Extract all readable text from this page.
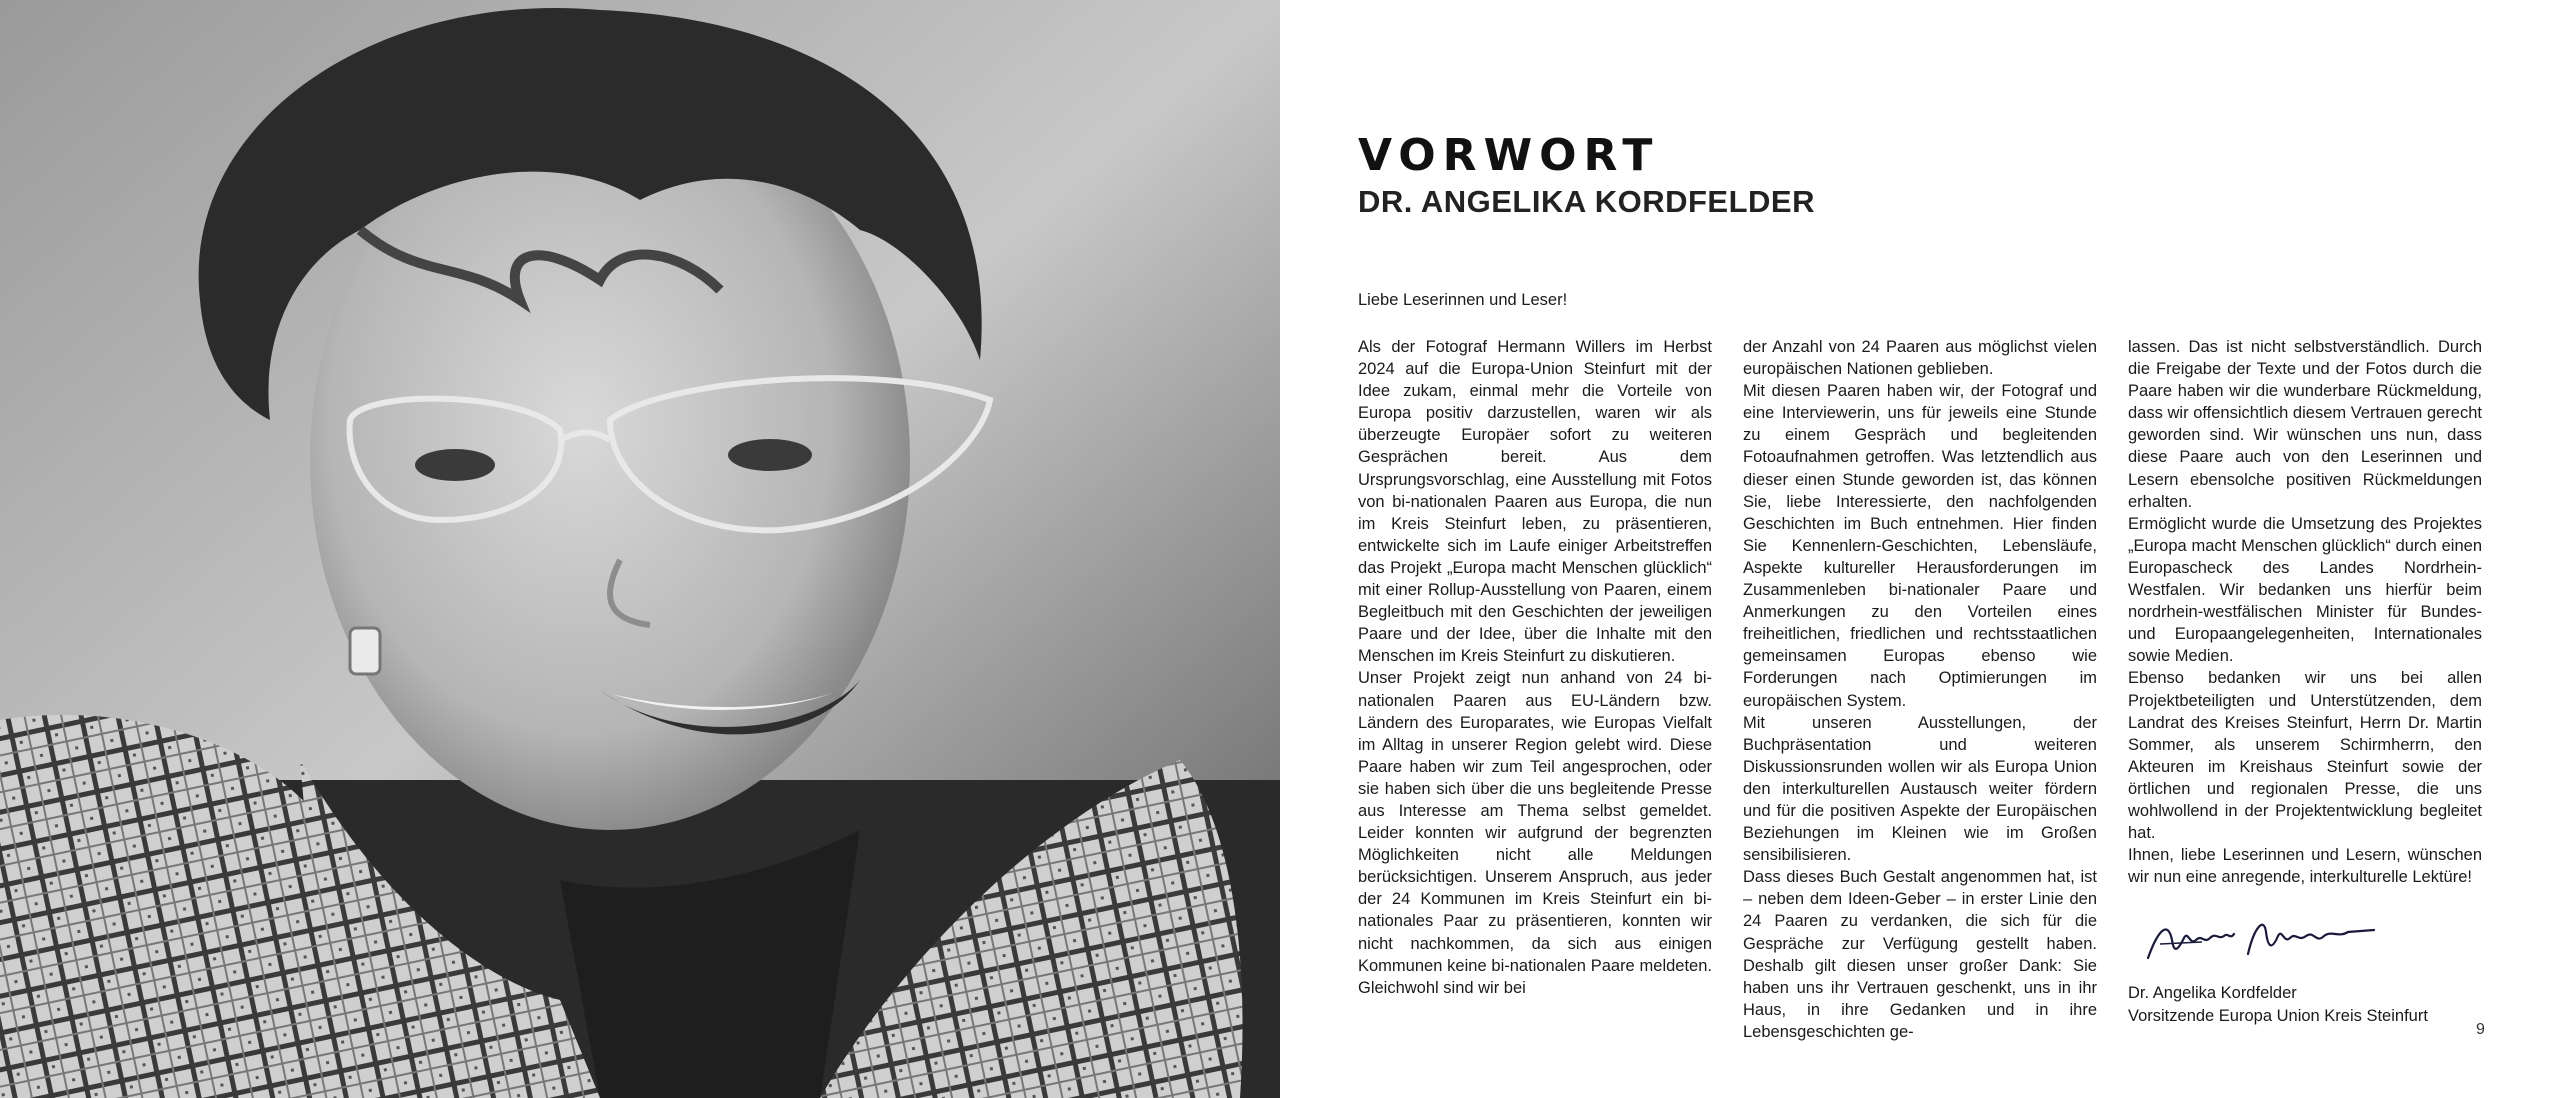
VORWORT
DR. ANGELIKA KORDFELDER
Liebe Leserinnen und Leser!

Als der Fotograf Hermann Willers im Herbst 2024 auf die Europa-Union Steinfurt mit der Idee zukam, einmal mehr die Vorteile von Europa positiv darzustellen, waren wir als überzeugte Europäer sofort zu weiteren Gesprächen bereit. Aus dem Ursprungsvorschlag, eine Ausstellung mit Fotos von bi-nationalen Paaren aus Europa, die nun im Kreis Steinfurt leben, zu präsentieren, entwickelte sich im Laufe einiger Arbeitstreffen das Projekt „Europa macht Menschen glücklich“ mit einer Rollup-Ausstellung von Paaren, einem Begleitbuch mit den Geschichten der jeweiligen Paare und der Idee, über die Inhalte mit den Menschen im Kreis Steinfurt zu diskutieren.

Unser Projekt zeigt nun anhand von 24 bi-nationalen Paaren aus EU-Ländern bzw. Ländern des Europarates, wie Europas Vielfalt im Alltag in unserer Region gelebt wird. Diese Paare haben wir zum Teil angesprochen, oder sie haben sich über die uns begleitende Presse aus Interesse am Thema selbst gemeldet. Leider konnten wir aufgrund der begrenzten Möglichkeiten nicht alle Meldungen berücksichtigen. Unserem Anspruch, aus jeder der 24 Kommunen im Kreis Steinfurt ein bi-nationales Paar zu präsentieren, konnten wir nicht nachkommen, da sich aus einigen Kommunen keine bi-nationalen Paare meldeten. Gleichwohl sind wir bei

der Anzahl von 24 Paaren aus möglichst vielen europäischen Nationen geblieben.

Mit diesen Paaren haben wir, der Fotograf und eine Interviewerin, uns für jeweils eine Stunde zu einem Gespräch und begleitenden Fotoaufnahmen getroffen. Was letztendlich aus dieser einen Stunde geworden ist, das können Sie, liebe Interessierte, den nachfolgenden Geschichten im Buch entnehmen. Hier finden Sie Kennenlern-Geschichten, Lebensläufe, Aspekte kultureller Herausforderungen im Zusammenleben bi-nationaler Paare und Anmerkungen zu den Vorteilen eines freiheitlichen, friedlichen und rechtsstaatlichen gemeinsamen Europas ebenso wie Forderungen nach Optimierungen im europäischen System.

Mit unseren Ausstellungen, der Buchpräsentation und weiteren Diskussionsrunden wollen wir als Europa Union den interkulturellen Austausch weiter fördern und für die positiven Aspekte der Europäischen Beziehungen im Kleinen wie im Großen sensibilisieren.

Dass dieses Buch Gestalt angenommen hat, ist – neben dem Ideen-Geber – in erster Linie den 24 Paaren zu verdanken, die sich für die Gespräche zur Verfügung gestellt haben. Deshalb gilt diesen unser großer Dank: Sie haben uns ihr Vertrauen geschenkt, uns in ihr Haus, in ihre Gedanken und in ihre Lebensgeschichten ge-

lassen. Das ist nicht selbstverständlich. Durch die Freigabe der Texte und der Fotos durch die Paare haben wir die wunderbare Rückmeldung, dass wir offensichtlich diesem Vertrauen gerecht geworden sind. Wir wünschen uns nun, dass diese Paare auch von den Leserinnen und Lesern ebensolche positiven Rückmeldungen erhalten.

Ermöglicht wurde die Umsetzung des Projektes „Europa macht Menschen glücklich“ durch einen Europascheck des Landes Nordrhein-Westfalen. Wir bedanken uns hierfür beim nordrhein-westfälischen Minister für Bundes- und Europaangelegenheiten, Internationales sowie Medien.

Ebenso bedanken wir uns bei allen Projektbeteiligten und Unterstützenden, dem Landrat des Kreises Steinfurt, Herrn Dr. Martin Sommer, als unserem Schirmherrn, den Akteuren im Kreishaus Steinfurt sowie der örtlichen und regionalen Presse, die uns wohlwollend in der Projektentwicklung begleitet hat.

Ihnen, liebe Leserinnen und Lesern, wünschen wir nun eine anregende, interkulturelle Lektüre!

Dr. Angelika Kordfelder

Vorsitzende Europa Union Kreis Steinfurt

9
